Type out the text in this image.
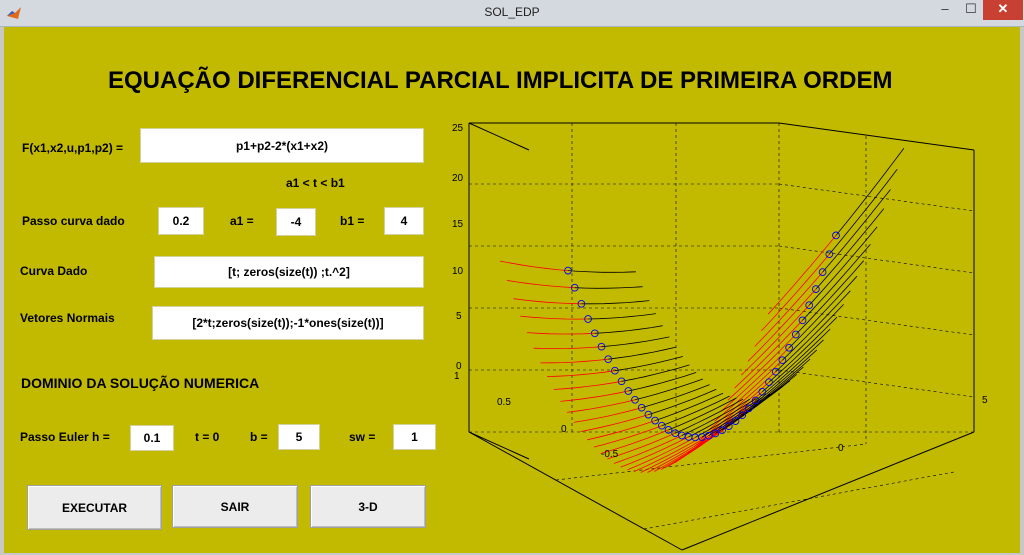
SOL_EDP	–	☐	✕
EQUAÇÃO DIFERENCIAL PARCIAL IMPLICITA DE PRIMEIRA ORDEM
F(x1,x2,u,p1,p2) =	p1+p2-2*(x1+x2)
a1 < t < b1
Passo curva dado	0.2	a1 =	-4	b1 =	4
Curva Dado	[t; zeros(size(t)) ;t.^2]
Vetores Normais	[2*t;zeros(size(t));-1*ones(size(t))]
DOMINIO DA SOLUÇÃO NUMERICA
Passo Euler h =	0.1	t = 0	b =	5	sw =	1
EXECUTAR	SAIR	3-D
25
20
15
10
5
0
1
0.5
0
-0.5
0
5
